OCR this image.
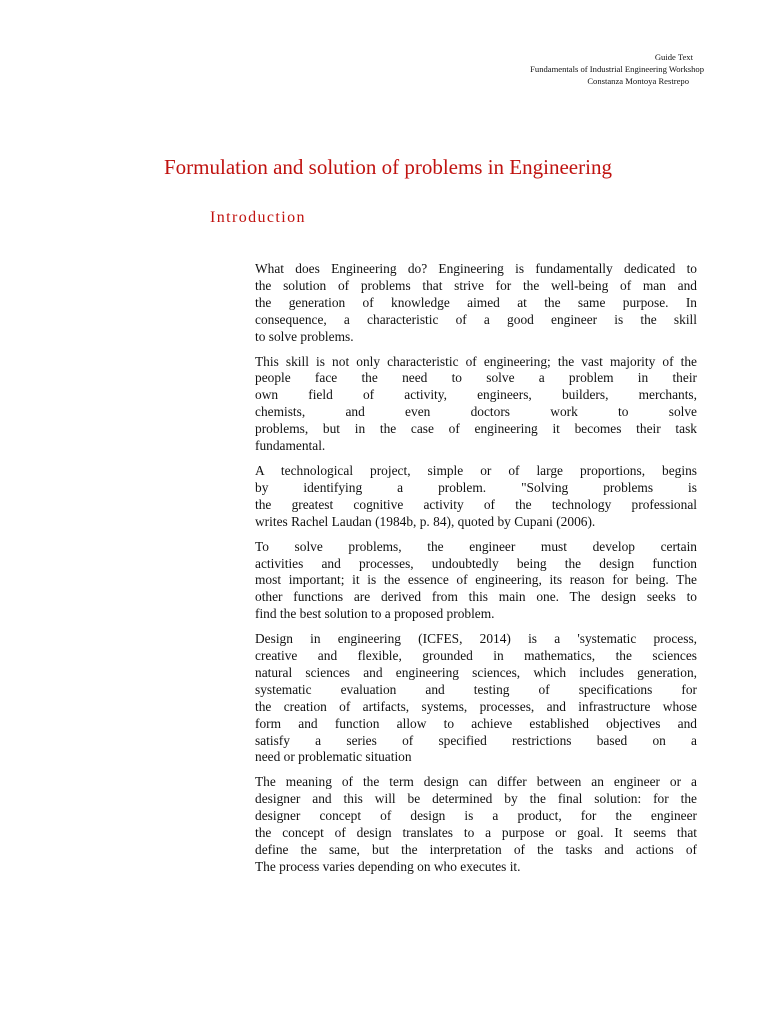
Guide Text
Fundamentals of Industrial Engineering Workshop
Constanza Montoya Restrepo
Formulation and solution of problems in Engineering
Introduction

What does Engineering do? Engineering is fundamentally dedicated to
the solution of problems that strive for the well-being of man and
the generation of knowledge aimed at the same purpose. In
consequence, a characteristic of a good engineer is the skill
to solve problems.

This skill is not only characteristic of engineering; the vast majority of the
people face the need to solve a problem in their
own field of activity, engineers, builders, merchants,
chemists, and even doctors work to solve
problems, but in the case of engineering it becomes their task
fundamental.

A technological project, simple or of large proportions, begins
by identifying a problem. "Solving problems is
the greatest cognitive activity of the technology professional
writes Rachel Laudan (1984b, p. 84), quoted by Cupani (2006).

To solve problems, the engineer must develop certain
activities and processes, undoubtedly being the design function
most important; it is the essence of engineering, its reason for being. The
other functions are derived from this main one. The design seeks to
find the best solution to a proposed problem.

Design in engineering (ICFES, 2014) is a 'systematic process,
creative and flexible, grounded in mathematics, the sciences
natural sciences and engineering sciences, which includes generation,
systematic evaluation and testing of specifications for
the creation of artifacts, systems, processes, and infrastructure whose
form and function allow to achieve established objectives and
satisfy a series of specified restrictions based on a
need or problematic situation

The meaning of the term design can differ between an engineer or a
designer and this will be determined by the final solution: for the
designer concept of design is a product, for the engineer
the concept of design translates to a purpose or goal. It seems that
define the same, but the interpretation of the tasks and actions of
The process varies depending on who executes it.
